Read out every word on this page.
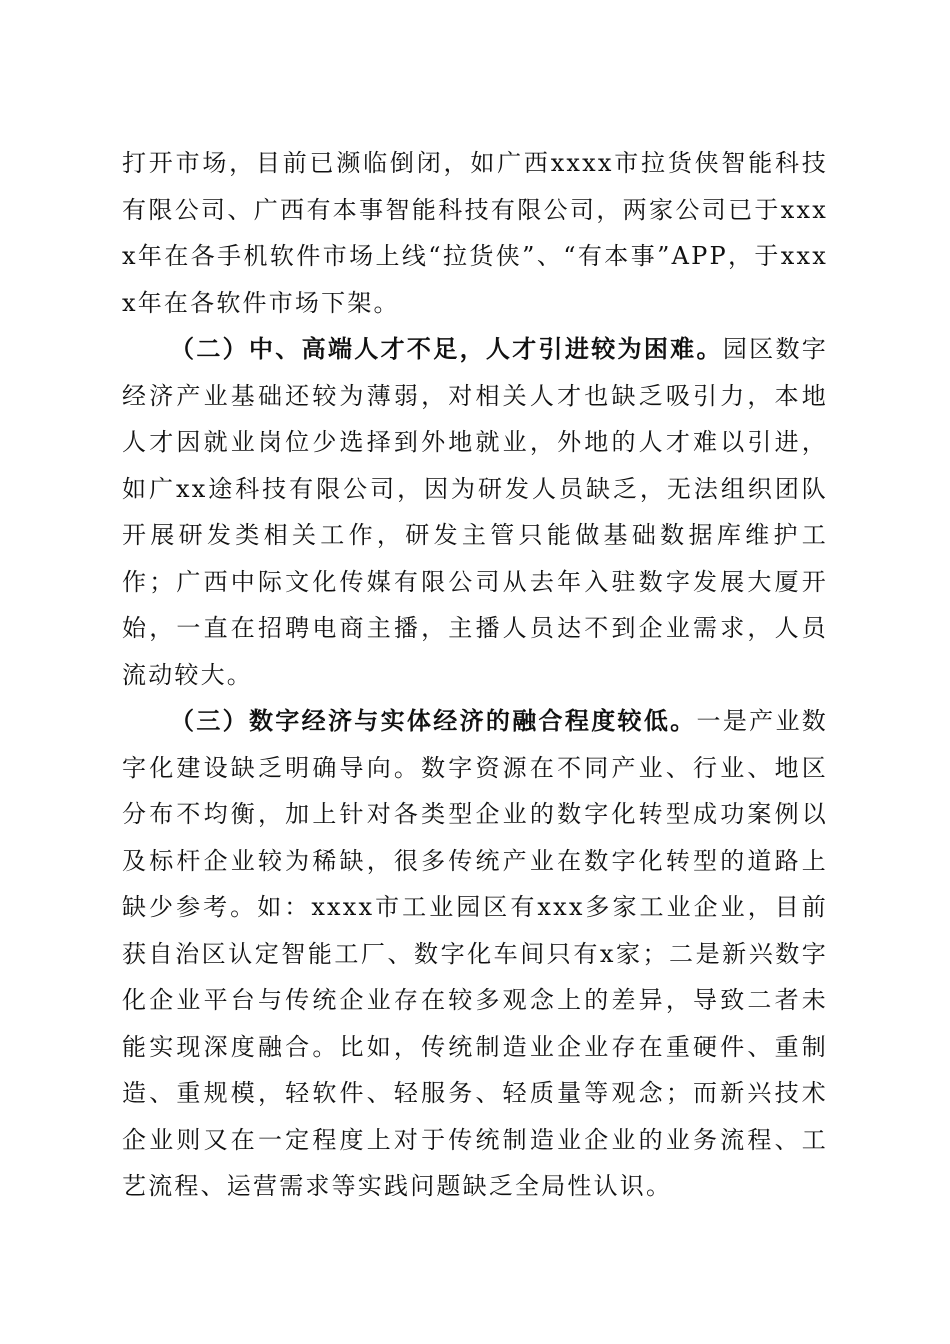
打开市场，目前已濒临倒闭，如广西xxxx市拉货侠智能科技有限公司、广西有本事智能科技有限公司，两家公司已于xxxx年在各手机软件市场上线“拉货侠”、“有本事”APP，于xxxx年在各软件市场下架。

（二）中、高端人才不足，人才引进较为困难。园区数字经济产业基础还较为薄弱，对相关人才也缺乏吸引力，本地人才因就业岗位少选择到外地就业，外地的人才难以引进，如广xx途科技有限公司，因为研发人员缺乏，无法组织团队开展研发类相关工作，研发主管只能做基础数据库维护工作；广西中际文化传媒有限公司从去年入驻数字发展大厦开始，一直在招聘电商主播，主播人员达不到企业需求，人员流动较大。

（三）数字经济与实体经济的融合程度较低。一是产业数字化建设缺乏明确导向。数字资源在不同产业、行业、地区分布不均衡，加上针对各类型企业的数字化转型成功案例以及标杆企业较为稀缺，很多传统产业在数字化转型的道路上缺少参考。如：xxxx市工业园区有xxx多家工业企业，目前获自治区认定智能工厂、数字化车间只有x家；二是新兴数字化企业平台与传统企业存在较多观念上的差异，导致二者未能实现深度融合。比如，传统制造业企业存在重硬件、重制造、重规模，轻软件、轻服务、轻质量等观念；而新兴技术企业则又在一定程度上对于传统制造业企业的业务流程、工艺流程、运营需求等实践问题缺乏全局性认识。
